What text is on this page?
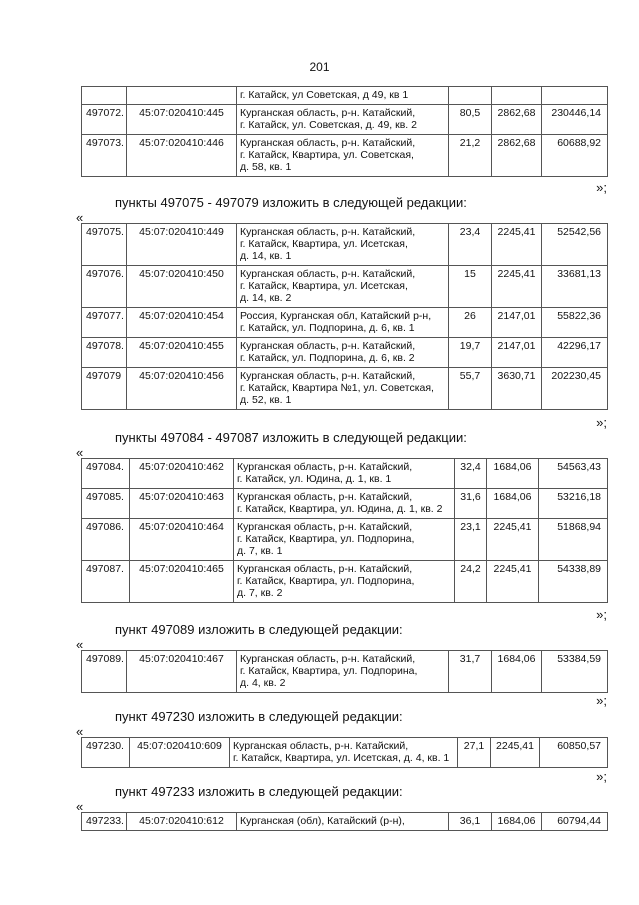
201
		г. Катайск, ул Советская, д 49, кв 1			
497072.	45:07:020410:445	Курганская область, р-н. Катайский,
г. Катайск, ул. Советская, д. 49, кв. 2	80,5	2862,68	230446,14
497073.	45:07:020410:446	Курганская область, р-н. Катайский,
г. Катайск, Квартира, ул. Советская,
д. 58, кв. 1	21,2	2862,68	60688,92
»;
пункты 497075 - 497079 изложить в следующей редакции:
«
497075.	45:07:020410:449	Курганская область, р-н. Катайский,
г. Катайск, Квартира, ул. Исетская,
д. 14, кв. 1	23,4	2245,41	52542,56
497076.	45:07:020410:450	Курганская область, р-н. Катайский,
г. Катайск, Квартира, ул. Исетская,
д. 14, кв. 2	15	2245,41	33681,13
497077.	45:07:020410:454	Россия, Курганская обл, Катайский р-н,
г. Катайск, ул. Подпорина, д. 6, кв. 1	26	2147,01	55822,36
497078.	45:07:020410:455	Курганская область, р-н. Катайский,
г. Катайск, ул. Подпорина, д. 6, кв. 2	19,7	2147,01	42296,17
497079	45:07:020410:456	Курганская область, р-н. Катайский,
г. Катайск, Квартира №1, ул. Советская,
д. 52, кв. 1	55,7	3630,71	202230,45
»;
пункты 497084 - 497087 изложить в следующей редакции:
«
497084.	45:07:020410:462	Курганская область, р-н. Катайский,
г. Катайск, ул. Юдина, д. 1, кв. 1	32,4	1684,06	54563,43
497085.	45:07:020410:463	Курганская область, р-н. Катайский,
г. Катайск, Квартира, ул. Юдина, д. 1, кв. 2	31,6	1684,06	53216,18
497086.	45:07:020410:464	Курганская область, р-н. Катайский,
г. Катайск, Квартира, ул. Подпорина,
д. 7, кв. 1	23,1	2245,41	51868,94
497087.	45:07:020410:465	Курганская область, р-н. Катайский,
г. Катайск, Квартира, ул. Подпорина,
д. 7, кв. 2	24,2	2245,41	54338,89
»;
пункт 497089 изложить в следующей редакции:
«
497089.	45:07:020410:467	Курганская область, р-н. Катайский,
г. Катайск, Квартира, ул. Подпорина,
д. 4, кв. 2	31,7	1684,06	53384,59
»;
пункт 497230 изложить в следующей редакции:
«
497230.	45:07:020410:609	Курганская область, р-н. Катайский,
г. Катайск, Квартира, ул. Исетская, д. 4, кв. 1	27,1	2245,41	60850,57
»;
пункт 497233 изложить в следующей редакции:
«
497233.	45:07:020410:612	Курганская (обл), Катайский (р-н),	36,1	1684,06	60794,44
